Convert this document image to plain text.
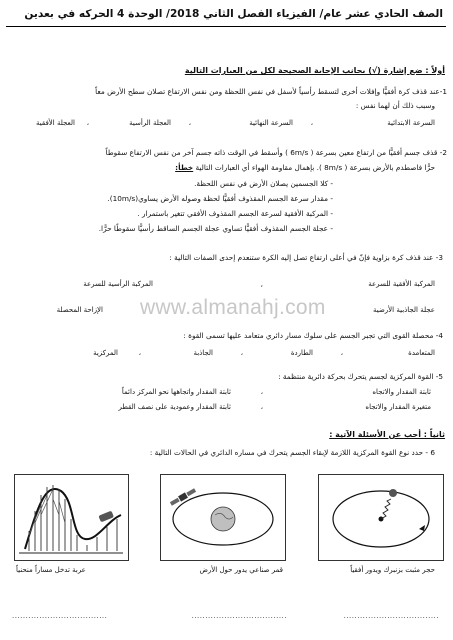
الصف الحادي عشر عام/ الفيزياء الفصل الثاني 2018/ الوحدة 4 الحركه في بعدين
أولاً : ضع إشارة (√) بجانب الإجابة الصحيحة لكل من العبارات التالية
1-عند قذف كرة أفقيًّا وإفلات أخرى لتسقط رأسياً لأسفل في نفس اللحظة ومن نفس الارتفاع تصلان سطح الأرض معاً
وسبب ذلك أن لهما نفس :
السرعة الابتدائية
،
السرعة النهائية
،
العجلة الرأسية
،
العجلة الأفقية
2- قذف جسم أفقيًّا من ارتفاع معين بسرعة ( 6m/s ) وأسقط في الوقت ذاته جسم آخر من نفس الارتفاع سقوطاً
حرًّا فاصطدم بالأرض بسرعة ( 8m/s ). بإهمال مقاومة الهواء أي العبارات التالية خطأ:
- كلا الجسمين يصلان الأرض في نفس اللحظة.
- مقدار سرعة الجسم المقذوف أفقيًّا لحظة وصوله الأرض يساوي(10m/s).
- المركبة الأفقية لسرعة الجسم المقذوف الأفقي تتغير باستمرار .
- عجلة الجسم المقذوف أفقيًّا تساوي عجلة الجسم الساقط رأسيًّا سقوطًا حرًّا.
3- عند قذف كرة بزاوية فإنّ في أعلى ارتفاع تصل إليه الكرة ستنعدم إحدى الصفات التالية :
المركبة الأفقية للسرعة
,
المركبة الرأسية للسرعة
عجلة الجاذبية الأرضية
الإزاحة المحصلة www.almanahj.com
4- محصلة القوى التي تجبر الجسم على سلوك مسار دائري متعامد عليها تسمى القوة :
المتعامدة
،
الطاردة
،
الجاذبة
،
المركزية
5- القوة المركزية لجسم يتحرك بحركة دائرية منتظمة :
ثابتة المقدار والاتجاه
،
ثابتة المقدار واتجاهها نحو المركز دائماً
متغيرة المقدار والاتجاه
،
ثابتة المقدار وعمودية على نصف القطر
ثانياً : أجب عن الأسئلة الآتية :
6 - حدد نوع القوة المركزية اللازمة لإبقاء الجسم يتحرك في مساره الدائري في الحالات التالية :
حجر مثبت بزنبرك ويدور أفقياً
قمر صناعي يدور حول الأرض
عربة تدخل مساراً منحنياً
...................................
...................................
...................................
